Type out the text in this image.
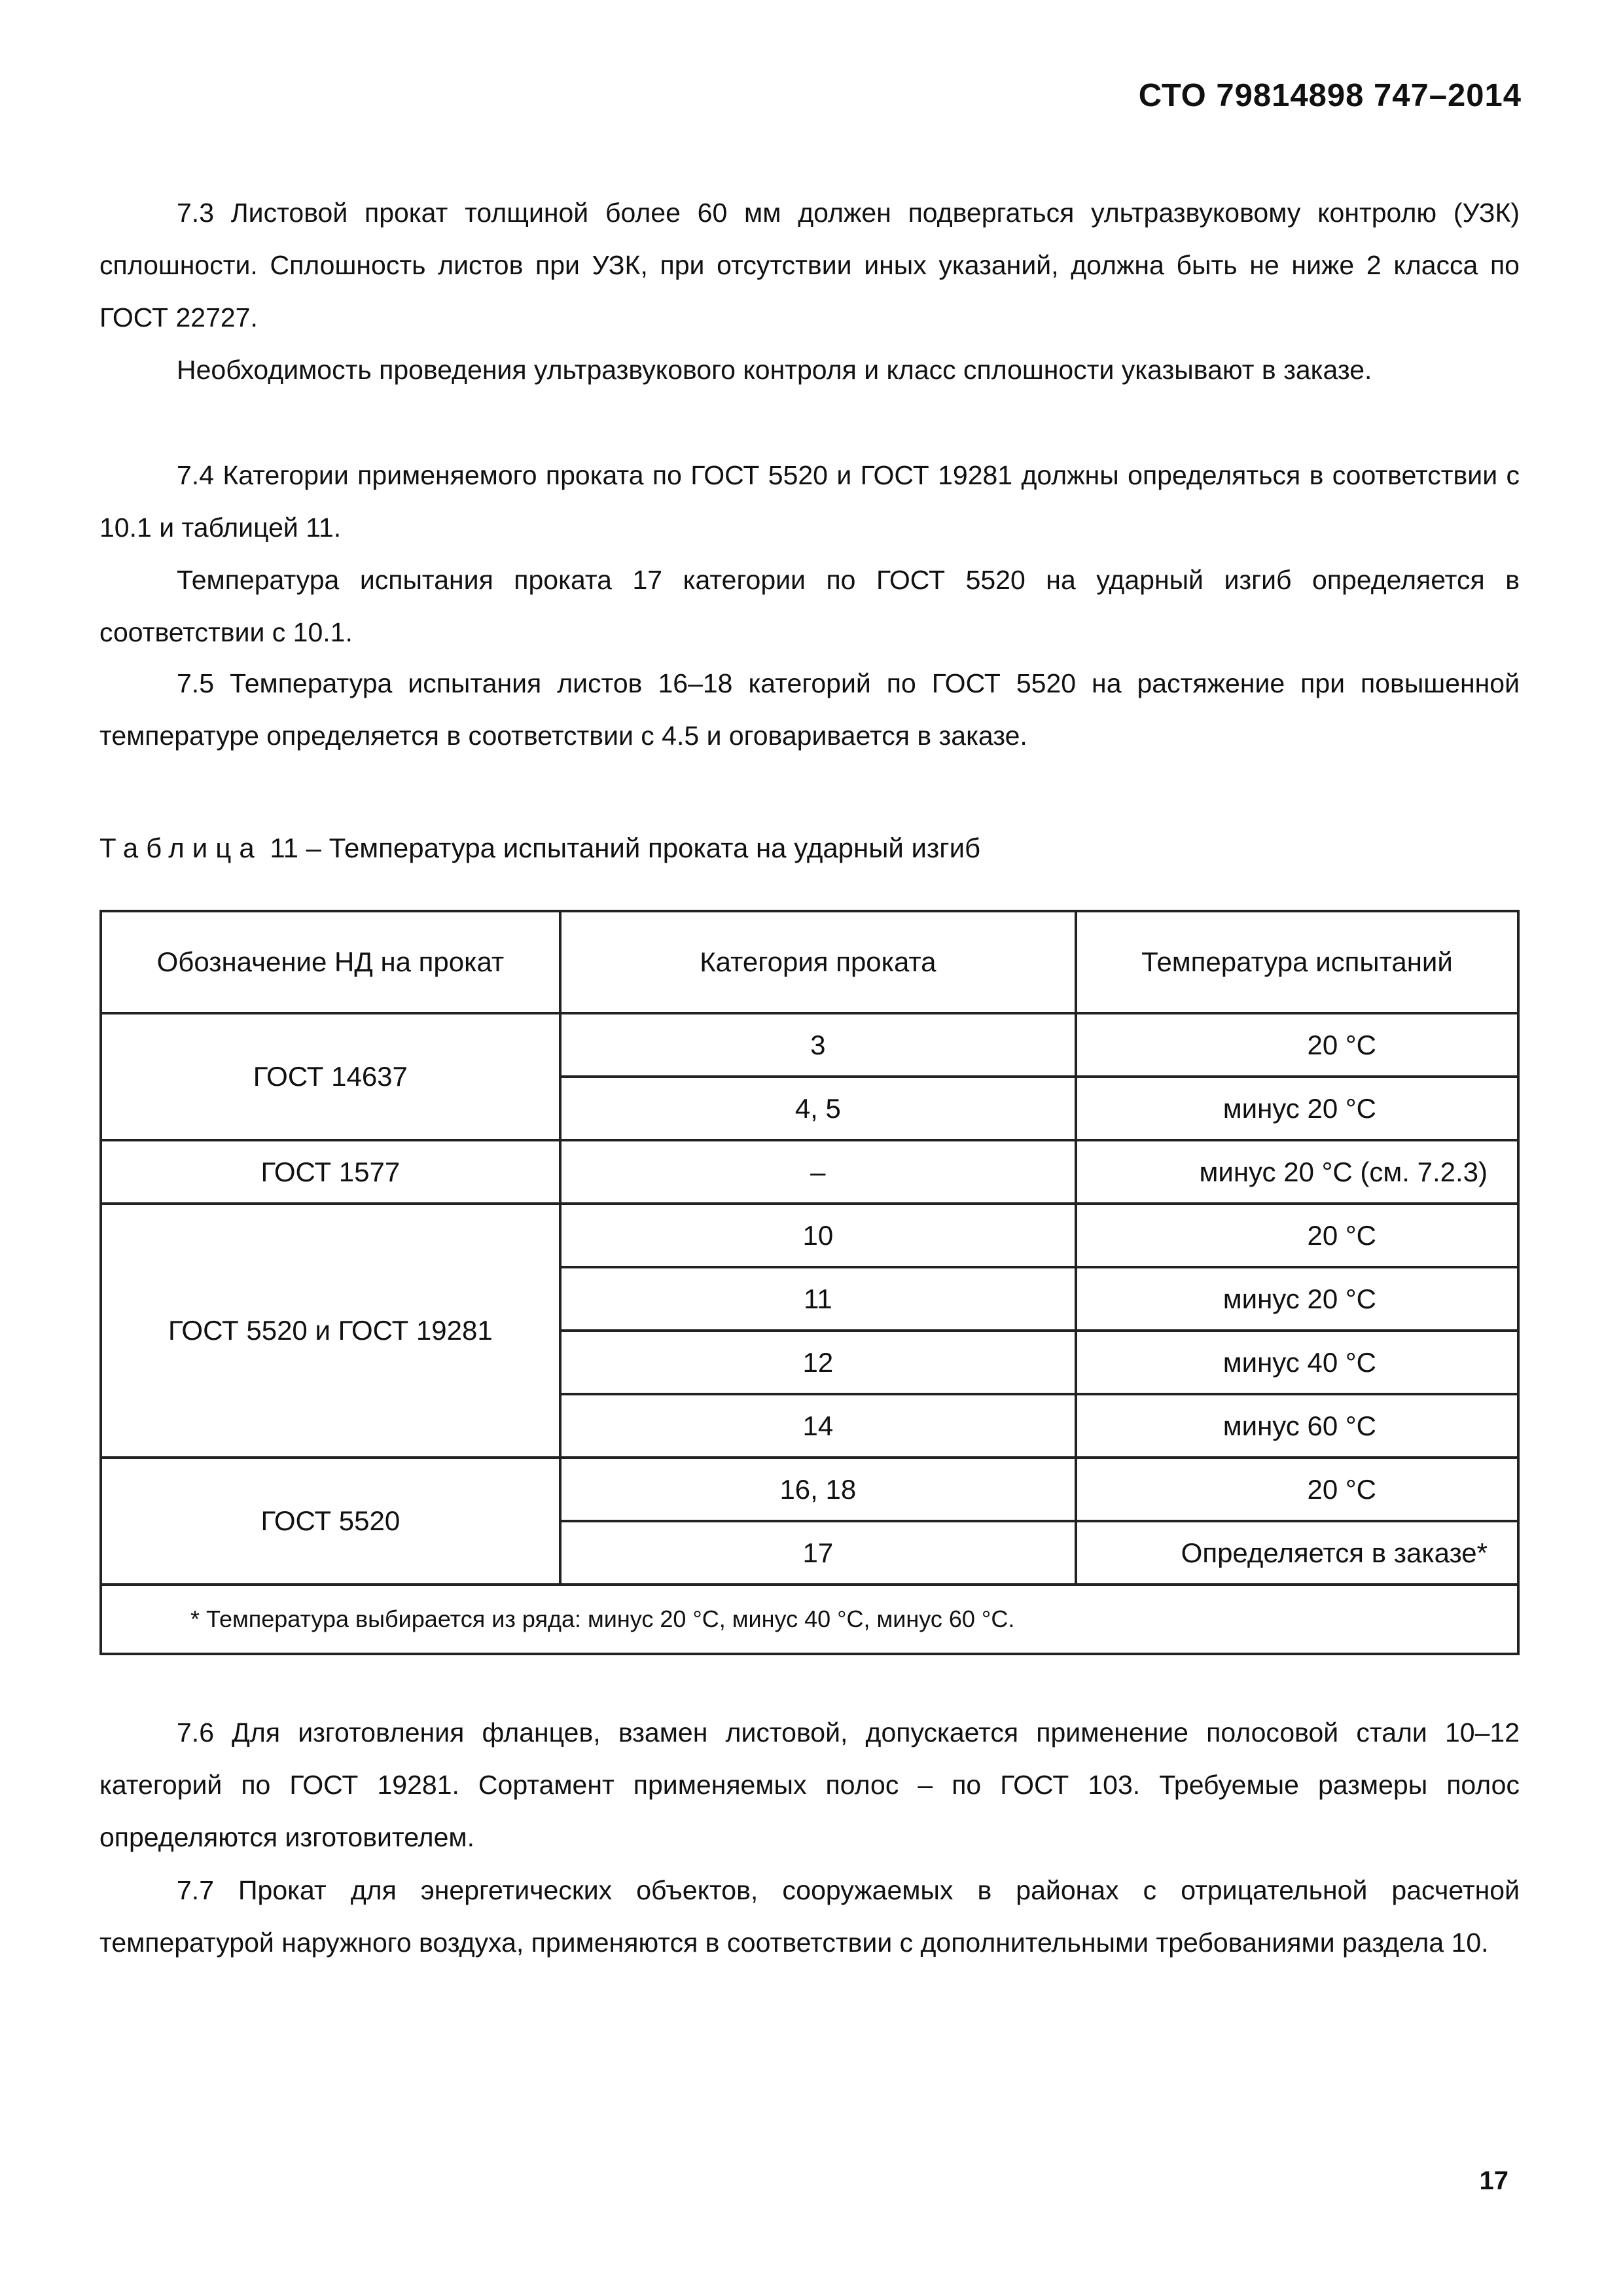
СТО 79814898 747–2014

7.3 Листовой прокат толщиной более 60 мм должен подвергаться ультразвуковому контролю (УЗК) сплошности. Сплошность листов при УЗК, при отсутствии иных указаний, должна быть не ниже 2 класса по ГОСТ 22727.

Необходимость проведения ультразвукового контроля и класс сплошности указывают в заказе.

7.4 Категории применяемого проката по ГОСТ 5520 и ГОСТ 19281 должны определяться в соответствии с 10.1 и таблицей 11.

Температура испытания проката 17 категории по ГОСТ 5520 на ударный изгиб определяется в соответствии с 10.1.

7.5 Температура испытания листов 16–18 категорий по ГОСТ 5520 на растяжение при повышенной температуре определяется в соответствии с 4.5 и оговаривается в заказе.

Таблица 11 – Температура испытаний проката на ударный изгиб
Обозначение НД на прокат	Категория проката	Температура испытаний
ГОСТ 14637	3	20 °С
	4, 5	минус 20 °С
ГОСТ 1577	–	минус 20 °С (см. 7.2.3)
ГОСТ 5520 и ГОСТ 19281	10	20 °С
	11	минус 20 °С
	12	минус 40 °С
	14	минус 60 °С
ГОСТ 5520	16, 18	20 °С
	17	Определяется в заказе*
* Температура выбирается из ряда: минус 20 °С, минус 40 °С, минус 60 °С.		

7.6 Для изготовления фланцев, взамен листовой, допускается применение полосовой стали 10–12 категорий по ГОСТ 19281. Сортамент применяемых полос – по ГОСТ 103. Требуемые размеры полос определяются изготовителем.

7.7 Прокат для энергетических объектов, сооружаемых в районах с отрицательной расчетной температурой наружного воздуха, применяются в соответствии с дополнительными требованиями раздела 10.

17
